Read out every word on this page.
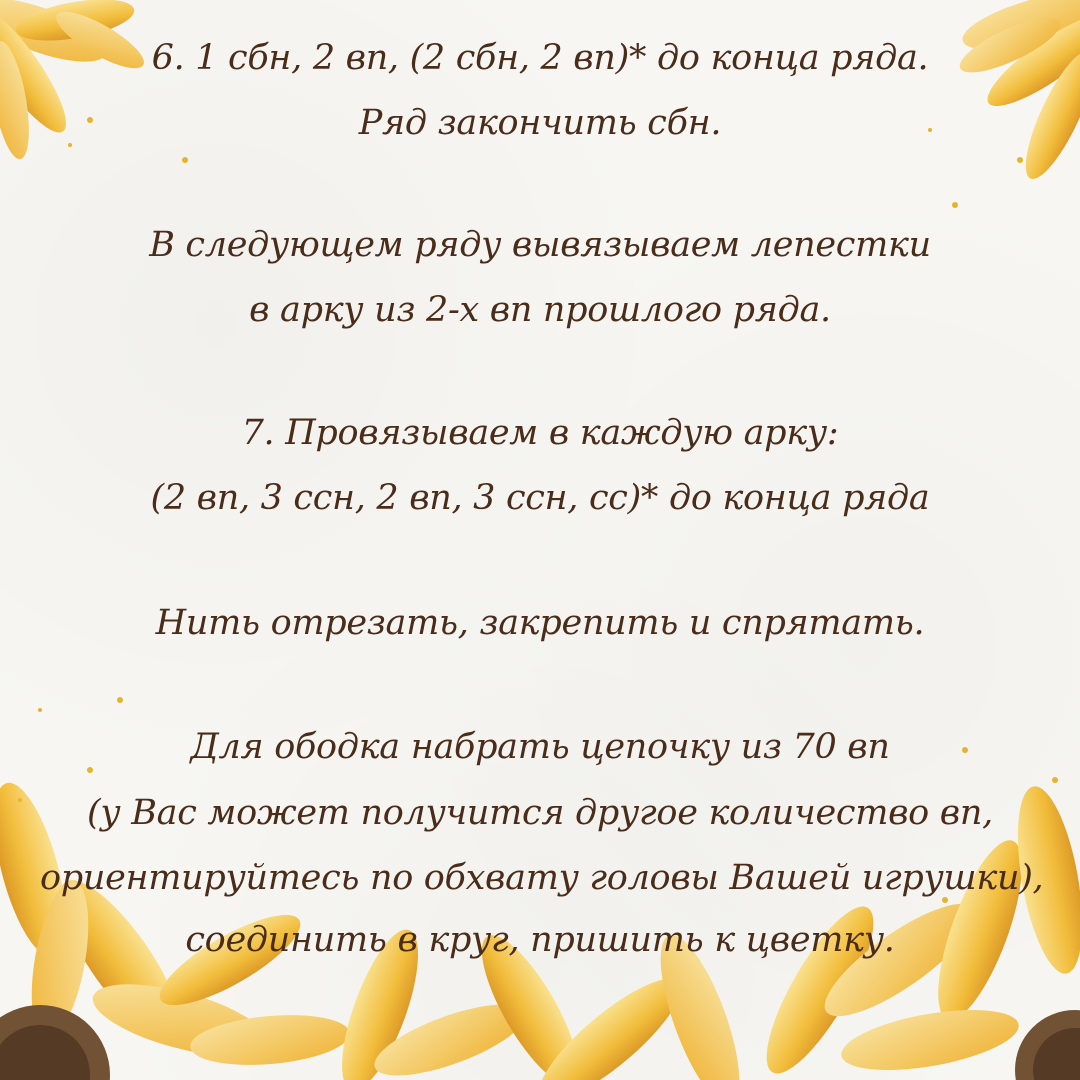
6. 1 сбн, 2 вп, (2 сбн, 2 вп)* до конца ряда.
Ряд закончить сбн.
В следующем ряду вывязываем лепестки
в арку из 2-х вп прошлого ряда.
7. Провязываем в каждую арку:
(2 вп, 3 ссн, 2 вп, 3 ссн, сс)* до конца ряда
Нить отрезать, закрепить и спрятать.
Для ободка набрать цепочку из 70 вп
(у Вас может получится другое количество вп,
ориентируйтесь по обхвату головы Вашей игрушки),
соединить в круг, пришить к цветку.
